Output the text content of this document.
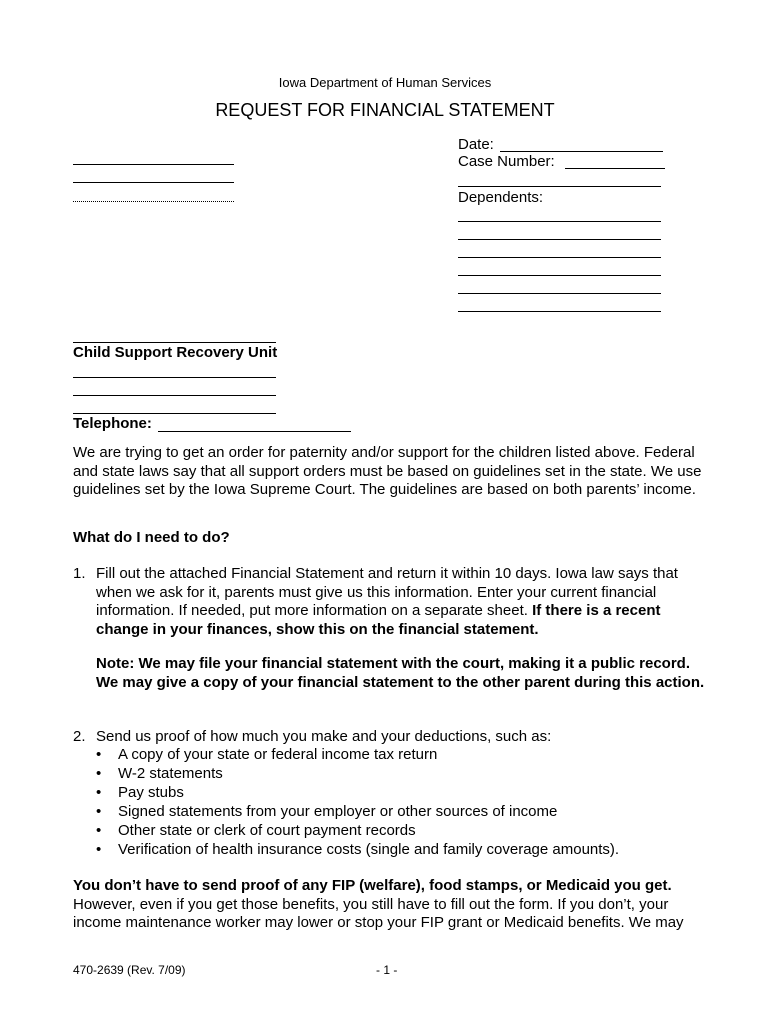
Iowa Department of Human Services
REQUEST FOR FINANCIAL STATEMENT
Date:
Case Number:
Dependents:
Child Support Recovery Unit
Telephone:
We are trying to get an order for paternity and/or support for the children listed above. Federal and state laws say that all support orders must be based on guidelines set in the state. We use guidelines set by the Iowa Supreme Court. The guidelines are based on both parents’ income.
What do I need to do?
1. Fill out the attached Financial Statement and return it within 10 days. Iowa law says that when we ask for it, parents must give us this information. Enter your current financial information. If needed, put more information on a separate sheet. If there is a recent change in your finances, show this on the financial statement.
Note: We may file your financial statement with the court, making it a public record. We may give a copy of your financial statement to the other parent during this action.
2. Send us proof of how much you make and your deductions, such as:
• A copy of your state or federal income tax return
• W-2 statements
• Pay stubs
• Signed statements from your employer or other sources of income
• Other state or clerk of court payment records
• Verification of health insurance costs (single and family coverage amounts).
You don’t have to send proof of any FIP (welfare), food stamps, or Medicaid you get. However, even if you get those benefits, you still have to fill out the form. If you don’t, your income maintenance worker may lower or stop your FIP grant or Medicaid benefits. We may
470-2639 (Rev. 7/09)	- 1 -
